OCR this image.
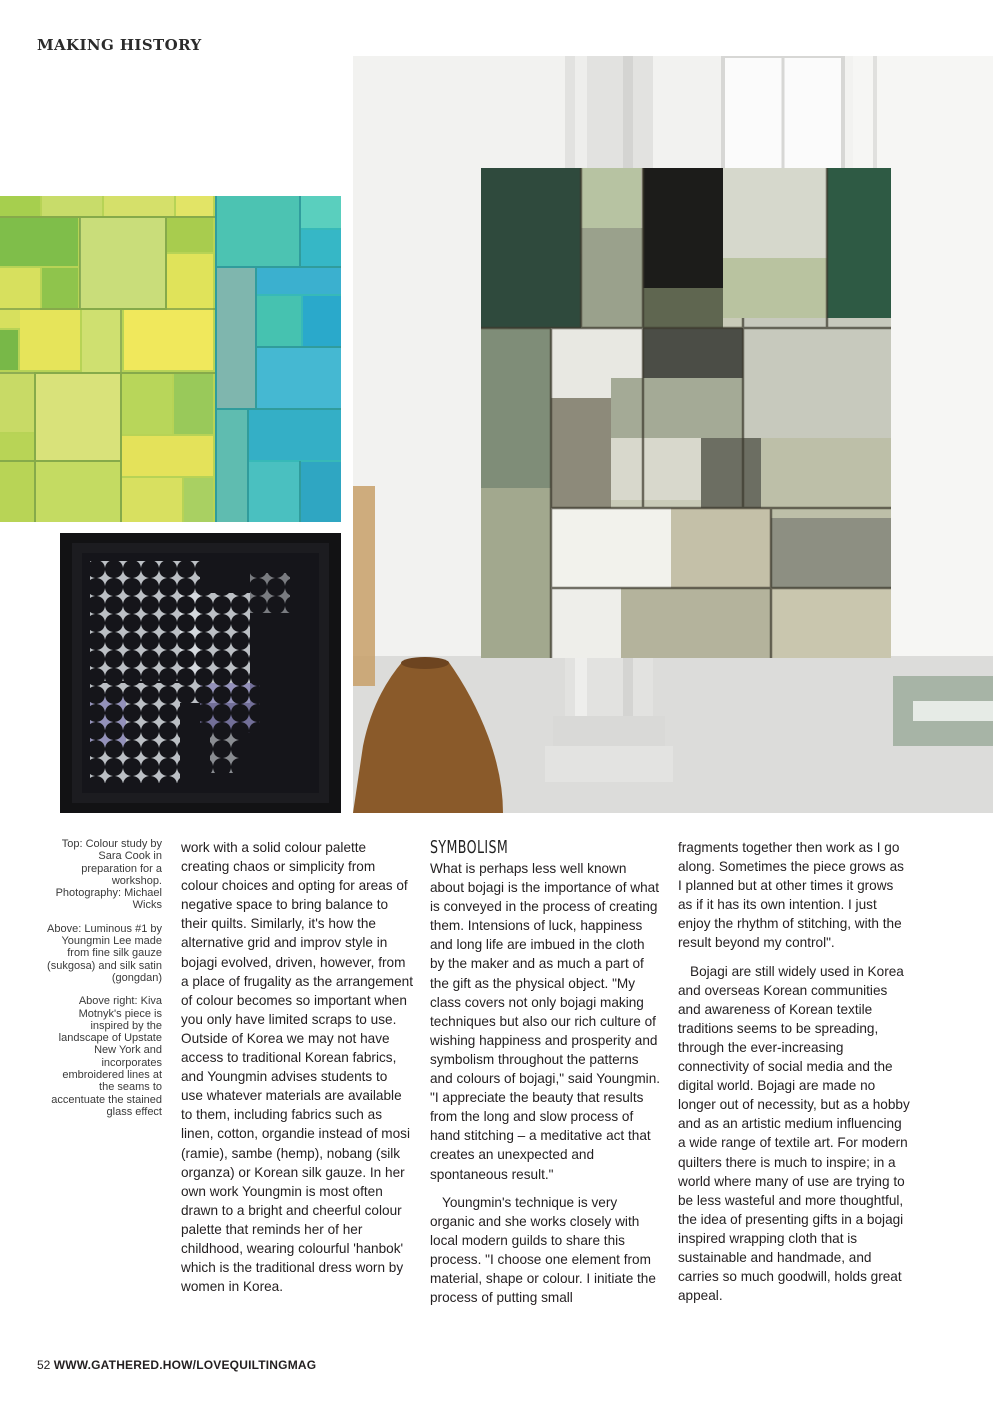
MAKING HISTORY

Top: Colour study by Sara Cook in preparation for a workshop. Photography: Michael Wicks

Above: Luminous #1 by Youngmin Lee made from fine silk gauze (sukgosa) and silk satin (gongdan)

Above right: Kiva Motnyk's piece is inspired by the landscape of Upstate New York and incorporates embroidered lines at the seams to accentuate the stained glass effect

work with a solid colour palette creating chaos or simplicity from colour choices and opting for areas of negative space to bring balance to their quilts. Similarly, it's how the alternative grid and improv style in bojagi evolved, driven, however, from a place of frugality as the arrangement of colour becomes so important when you only have limited scraps to use. Outside of Korea we may not have access to traditional Korean fabrics, and Youngmin advises students to use whatever materials are available to them, including fabrics such as linen, cotton, organdie instead of mosi (ramie), sambe (hemp), nobang (silk organza) or Korean silk gauze. In her own work Youngmin is most often drawn to a bright and cheerful colour palette that reminds her of her childhood, wearing colourful 'hanbok' which is the traditional dress worn by women in Korea.

SYMBOLISM

What is perhaps less well known about bojagi is the importance of what is conveyed in the process of creating them. Intensions of luck, happiness and long life are imbued in the cloth by the maker and as much a part of the gift as the physical object. "My class covers not only bojagi making techniques but also our rich culture of wishing happiness and prosperity and symbolism throughout the patterns and colours of bojagi," said Youngmin. "I appreciate the beauty that results from the long and slow process of hand stitching – a meditative act that creates an unexpected and spontaneous result."

Youngmin's technique is very organic and she works closely with local modern guilds to share this process. "I choose one element from material, shape or colour. I initiate the process of putting small

fragments together then work as I go along. Sometimes the piece grows as I planned but at other times it grows as if it has its own intention. I just enjoy the rhythm of stitching, with the result beyond my control".

Bojagi are still widely used in Korea and overseas Korean communities and awareness of Korean textile traditions seems to be spreading, through the ever-increasing connectivity of social media and the digital world. Bojagi are made no longer out of necessity, but as a hobby and as an artistic medium influencing a wide range of textile art. For modern quilters there is much to inspire; in a world where many of use are trying to be less wasteful and more thoughtful, the idea of presenting gifts in a bojagi inspired wrapping cloth that is sustainable and handmade, and carries so much goodwill, holds great appeal.

52 WWW.GATHERED.HOW/LOVEQUILTINGMAG
